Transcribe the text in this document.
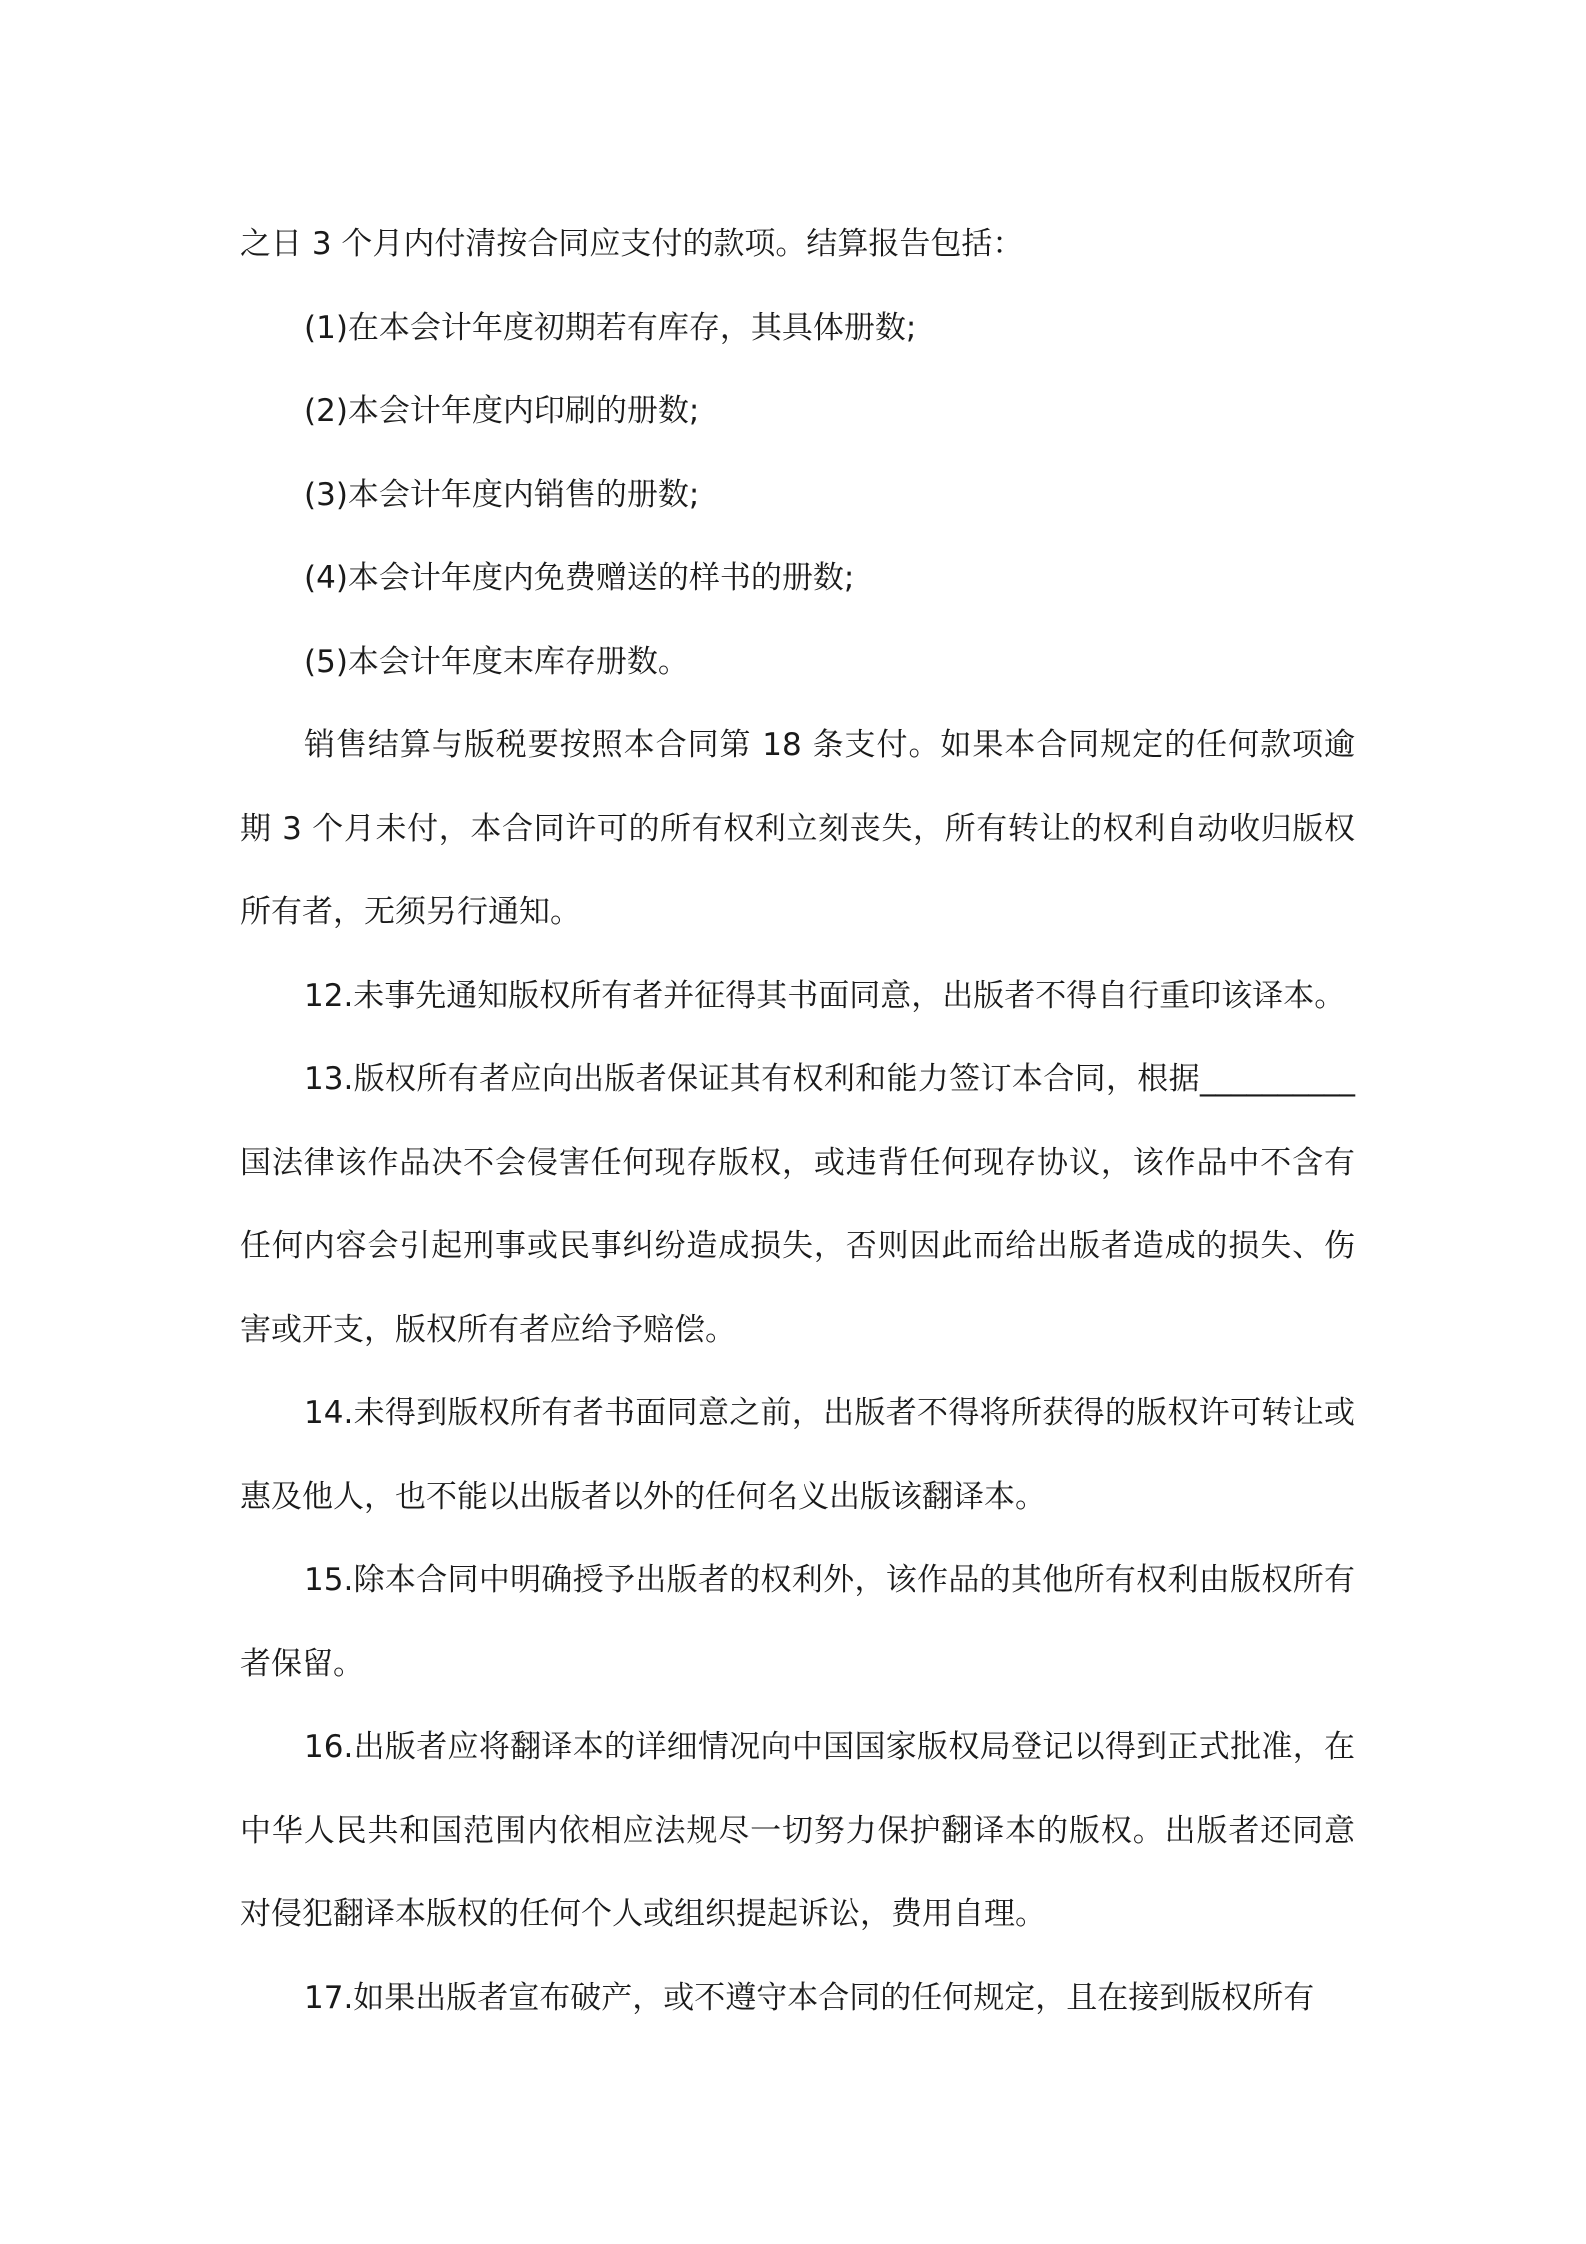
之日 3 个月内付清按合同应支付的款项。结算报告包括：

(1)在本会计年度初期若有库存，其具体册数;

(2)本会计年度内印刷的册数;

(3)本会计年度内销售的册数;

(4)本会计年度内免费赠送的样书的册数;

(5)本会计年度末库存册数。

销售结算与版税要按照本合同第 18 条支付。如果本合同规定的任何款项逾期 3 个月未付，本合同许可的所有权利立刻丧失，所有转让的权利自动收归版权所有者，无须另行通知。

12.未事先通知版权所有者并征得其书面同意，出版者不得自行重印该译本。

13.版权所有者应向出版者保证其有权利和能力签订本合同，根据__________国法律该作品决不会侵害任何现存版权，或违背任何现存协议，该作品中不含有任何内容会引起刑事或民事纠纷造成损失，否则因此而给出版者造成的损失、伤害或开支，版权所有者应给予赔偿。

14.未得到版权所有者书面同意之前，出版者不得将所获得的版权许可转让或惠及他人，也不能以出版者以外的任何名义出版该翻译本。

15.除本合同中明确授予出版者的权利外，该作品的其他所有权利由版权所有者保留。

16.出版者应将翻译本的详细情况向中国国家版权局登记以得到正式批准，在中华人民共和国范围内依相应法规尽一切努力保护翻译本的版权。出版者还同意对侵犯翻译本版权的任何个人或组织提起诉讼，费用自理。

17.如果出版者宣布破产，或不遵守本合同的任何规定，且在接到版权所有
